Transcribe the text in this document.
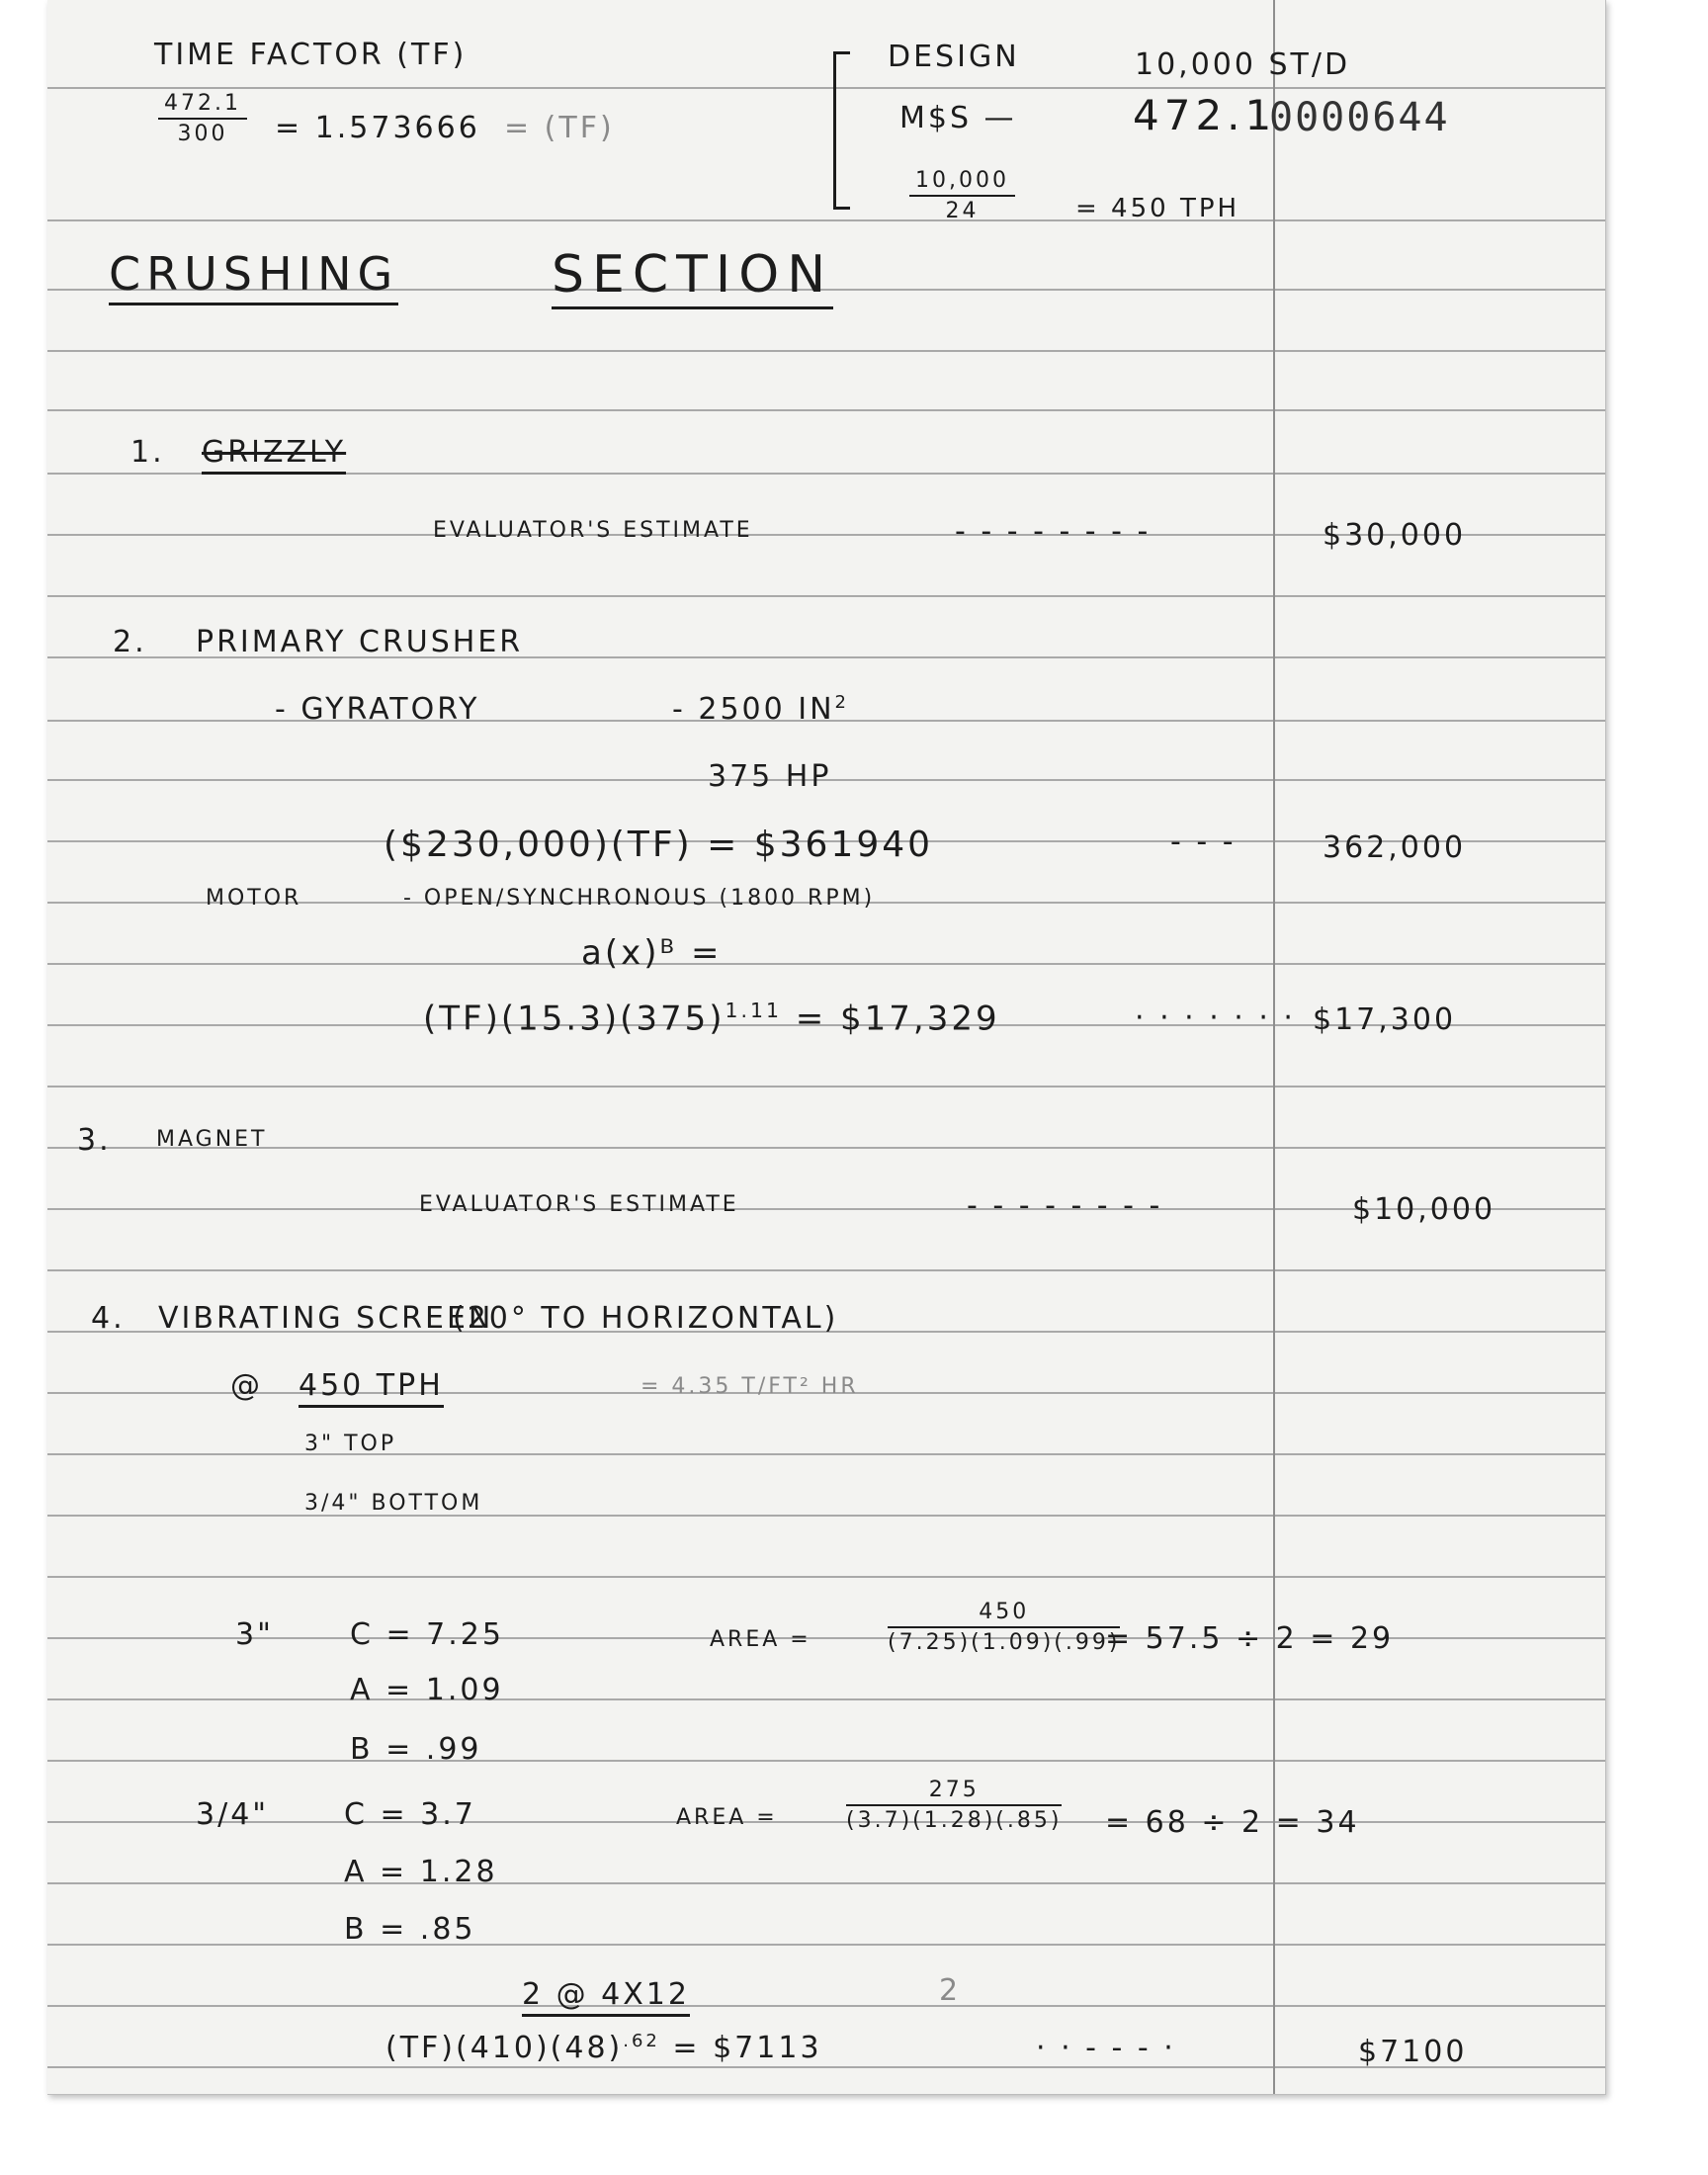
TIME FACTOR (TF)
$\frac{472.1}{300} = 1.573666 = (TF)$
DESIGN	10,000 ST/D
M$S —	472.1
0000644
$\frac{10,000}{24} = 450$ TPH
CRUSHING	SECTION
1. GRIZZLY
EVALUATOR'S ESTIMATE	- - - - - - - -	$30,000
2. PRIMARY CRUSHER
- GYRATORY	- 2500 $IN^2$
375 HP
($230,000)(TF) = $361940	- - -	362,000
MOTOR	- OPEN/SYNCHRONOUS (1800 RPM)
a(x)ᴮ =
$(TF)(15.3)(375)^{1.11}$ = $17,329	· · · · · · · $17,300
3. MAGNET
EVALUATOR'S ESTIMATE	- - - - - - - -	$10,000
4. VIBRATING SCREEN
(20° TO HORIZONTAL)
@ 450 TPH	= 4.35 T/FT² HR
3" TOP
3/4" BOTTOM
3"	C = 7.25
A = 1.09
B = .99
AREA =	$\frac{450}{(7.25)(1.09)(.99)}$
= 57.5 ÷ 2 = 29
3/4"	C = 3.7
A = 1.28
B = .85
AREA =	$\frac{275}{(3.7)(1.28)(.85)} = 68 \div 2 = 34$
2 @ 4X12	2
$(TF)(410)(48)^{.62}$ = $7113	· · - - - ·	$7100
